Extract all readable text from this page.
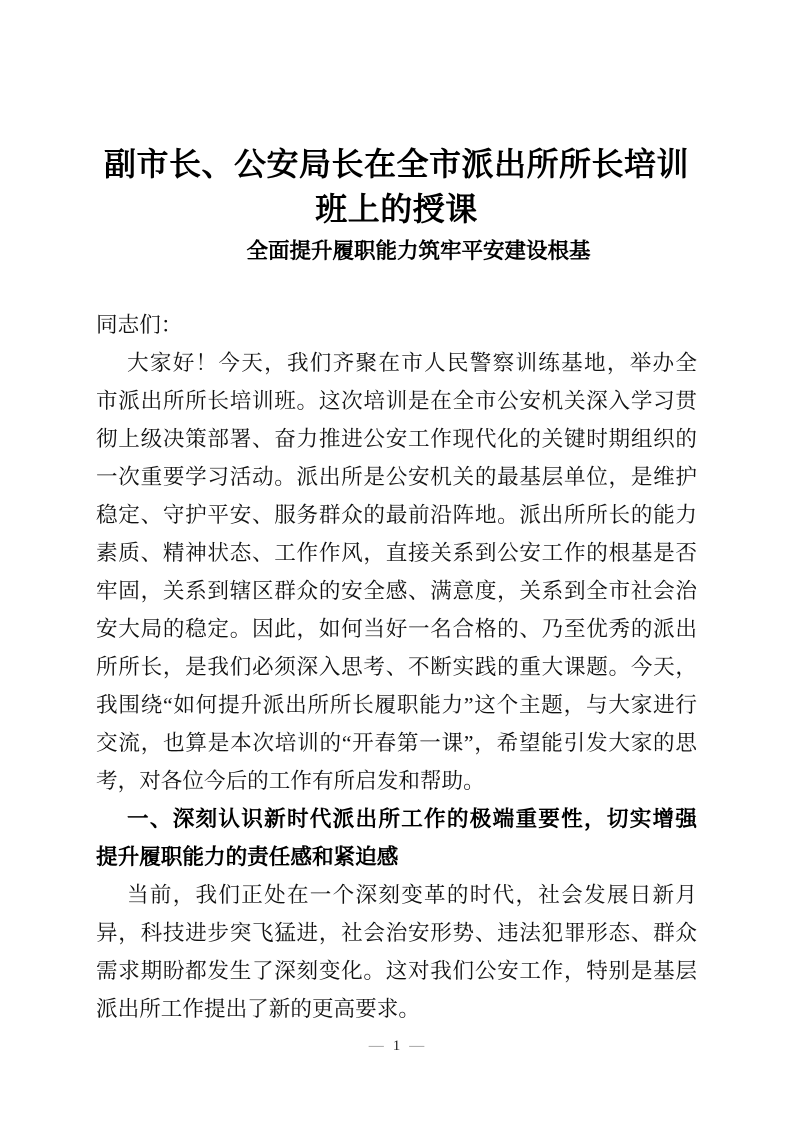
副市长、公安局长在全市派出所所长培训
班上的授课
全面提升履职能力筑牢平安建设根基
同志们：
大家好！今天，我们齐聚在市人民警察训练基地，举办全
市派出所所长培训班。这次培训是在全市公安机关深入学习贯
彻上级决策部署、奋力推进公安工作现代化的关键时期组织的
一次重要学习活动。派出所是公安机关的最基层单位，是维护
稳定、守护平安、服务群众的最前沿阵地。派出所所长的能力
素质、精神状态、工作作风，直接关系到公安工作的根基是否
牢固，关系到辖区群众的安全感、满意度，关系到全市社会治
安大局的稳定。因此，如何当好一名合格的、乃至优秀的派出
所所长，是我们必须深入思考、不断实践的重大课题。今天，
我围绕“如何提升派出所所长履职能力”这个主题，与大家进行
交流，也算是本次培训的“开春第一课”，希望能引发大家的思
考，对各位今后的工作有所启发和帮助。
一、深刻认识新时代派出所工作的极端重要性，切实增强
提升履职能力的责任感和紧迫感
当前，我们正处在一个深刻变革的时代，社会发展日新月
异，科技进步突飞猛进，社会治安形势、违法犯罪形态、群众
需求期盼都发生了深刻变化。这对我们公安工作，特别是基层
派出所工作提出了新的更高要求。
— 1 —
